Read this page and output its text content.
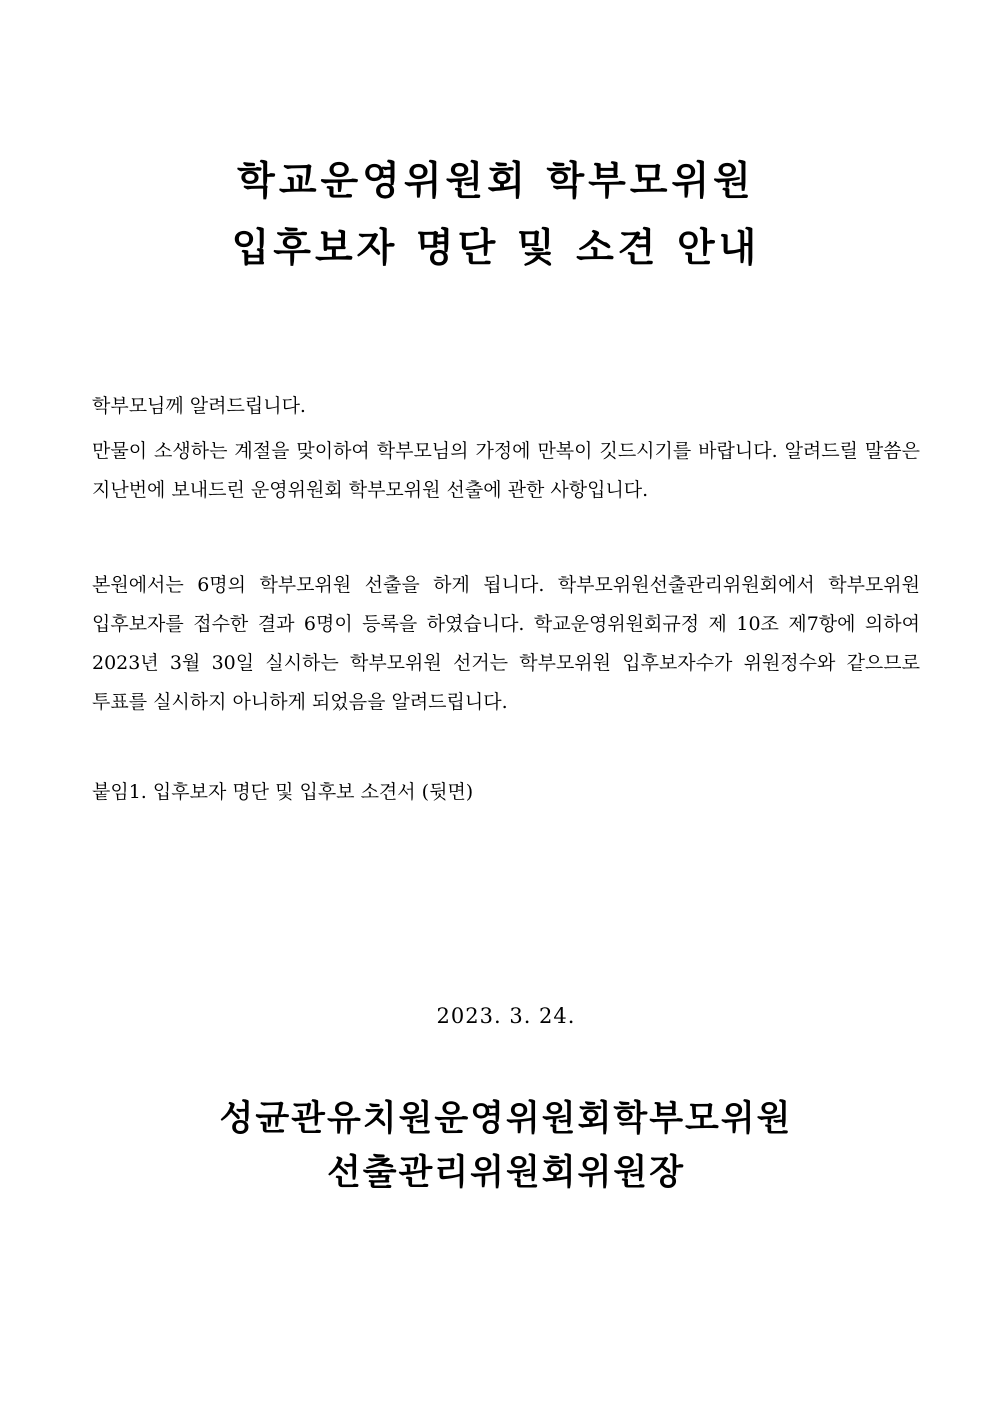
학교운영위원회 학부모위원
입후보자 명단 및 소견 안내
학부모님께 알려드립니다.
만물이 소생하는 계절을 맞이하여 학부모님의 가정에 만복이 깃드시기를 바랍니다. 알려드릴 말씀은 지난번에 보내드린 운영위원회 학부모위원 선출에 관한 사항입니다.
본원에서는 6명의 학부모위원 선출을 하게 됩니다. 학부모위원선출관리위원회에서 학부모위원 입후보자를 접수한 결과 6명이 등록을 하였습니다. 학교운영위원회규정 제 10조 제7항에 의하여 2023년 3월 30일 실시하는 학부모위원 선거는 학부모위원 입후보자수가 위원정수와 같으므로 투표를 실시하지 아니하게 되었음을 알려드립니다.
붙임1. 입후보자 명단 및 입후보 소견서 (뒷면)
2023. 3. 24.
성균관유치원운영위원회학부모위원
선출관리위원회위원장
